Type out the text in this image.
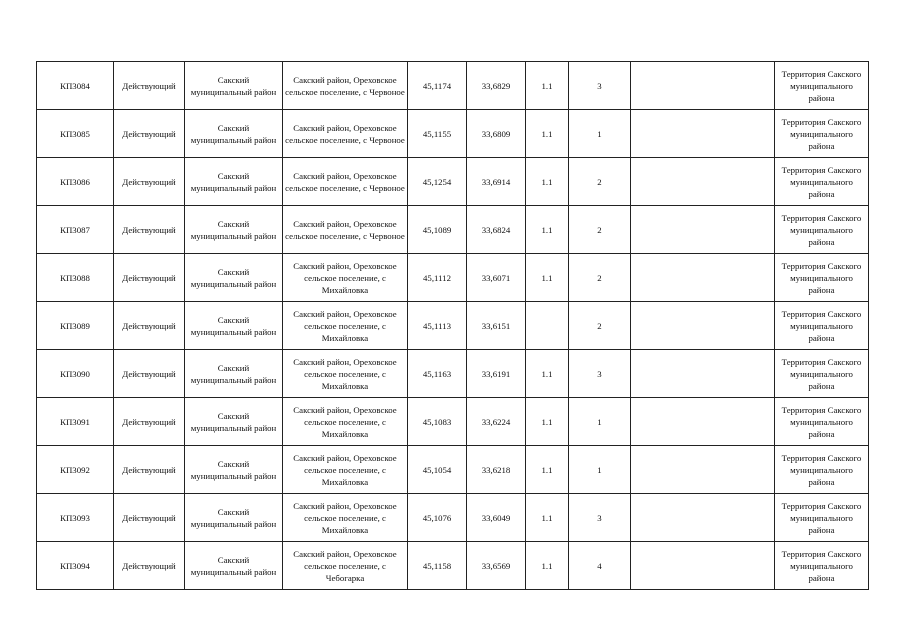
КП3084	Действующий	Сакский муниципальный район	Сакский район, Ореховское сельское поселение, с Червоное	45,1174	33,6829	1.1	3		Территория Сакского муниципального района
КП3085	Действующий	Сакский муниципальный район	Сакский район, Ореховское сельское поселение, с Червоное	45,1155	33,6809	1.1	1		Территория Сакского муниципального района
КП3086	Действующий	Сакский муниципальный район	Сакский район, Ореховское сельское поселение, с Червоное	45,1254	33,6914	1.1	2		Территория Сакского муниципального района
КП3087	Действующий	Сакский муниципальный район	Сакский район, Ореховское сельское поселение, с Червоное	45,1089	33,6824	1.1	2		Территория Сакского муниципального района
КП3088	Действующий	Сакский муниципальный район	Сакский район, Ореховское сельское поселение, с Михайловка	45,1112	33,6071	1.1	2		Территория Сакского муниципального района
КП3089	Действующий	Сакский муниципальный район	Сакский район, Ореховское сельское поселение, с Михайловка	45,1113	33,6151		2		Территория Сакского муниципального района
КП3090	Действующий	Сакский муниципальный район	Сакский район, Ореховское сельское поселение, с Михайловка	45,1163	33,6191	1.1	3		Территория Сакского муниципального района
КП3091	Действующий	Сакский муниципальный район	Сакский район, Ореховское сельское поселение, с Михайловка	45,1083	33,6224	1.1	1		Территория Сакского муниципального района
КП3092	Действующий	Сакский муниципальный район	Сакский район, Ореховское сельское поселение, с Михайловка	45,1054	33,6218	1.1	1		Территория Сакского муниципального района
КП3093	Действующий	Сакский муниципальный район	Сакский район, Ореховское сельское поселение, с Михайловка	45,1076	33,6049	1.1	3		Территория Сакского муниципального района
КП3094	Действующий	Сакский муниципальный район	Сакский район, Ореховское сельское поселение, с Чебогарка	45,1158	33,6569	1.1	4		Территория Сакского муниципального района
